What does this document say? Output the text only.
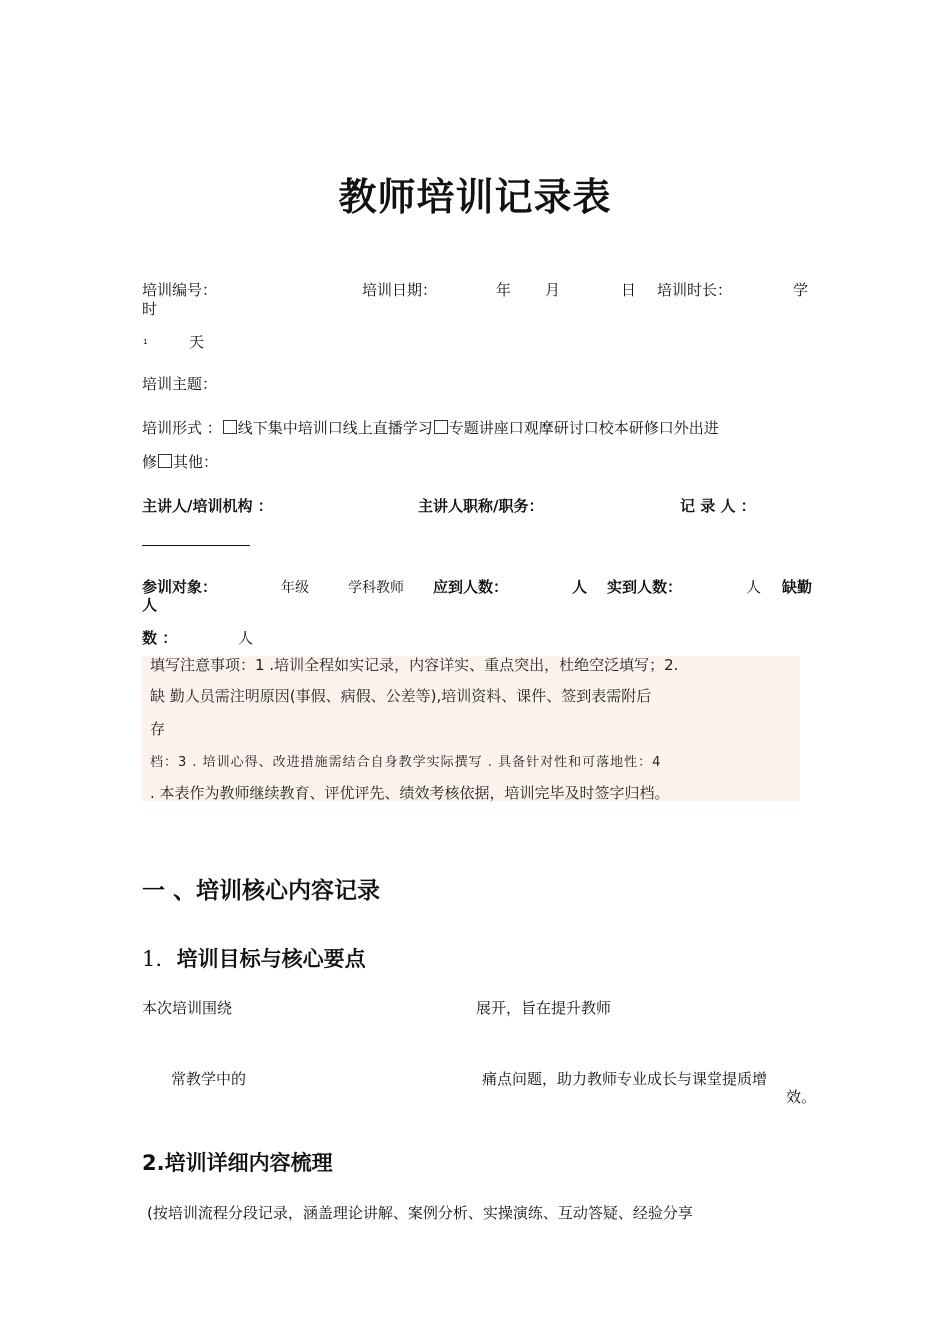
教师培训记录表
培训编号：	培训日期：	年 月	日 培训时长：	学
时
1	天
培训主题：
培训形式 ： 线下集中培训口线上直播学习 专题讲座口观摩研讨口校本研修口外出进
修 其他：
主讲人/培训机构 ：	主讲人职称/职务：	记 录 人 ：
参训对象：	年级	学科教师 应到人数：	人 实到人数：	人 缺勤
人
数 ：	人
填写注意事项：1 .培训全程如实记录，内容详实、重点突出，杜绝空泛填写；2.
缺 勤人员需注明原因(事假、病假、公差等),培训资料、课件、签到表需附后
存
档：3 . 培训心得、改进措施需结合自身教学实际撰写 . 具备针对性和可落地性：4
. 本表作为教师继续教育、评优评先、绩效考核依据，培训完毕及时签字归档。
一 、培训核心内容记录
1. 培训目标与核心要点
本次培训围绕	展开，旨在提升教师
常教学中的	痛点问题，助力教师专业成长与课堂提质增
效。
2.培训详细内容梳理
(按培训流程分段记录，涵盖理论讲解、案例分析、实操演练、互动答疑、经验分享
